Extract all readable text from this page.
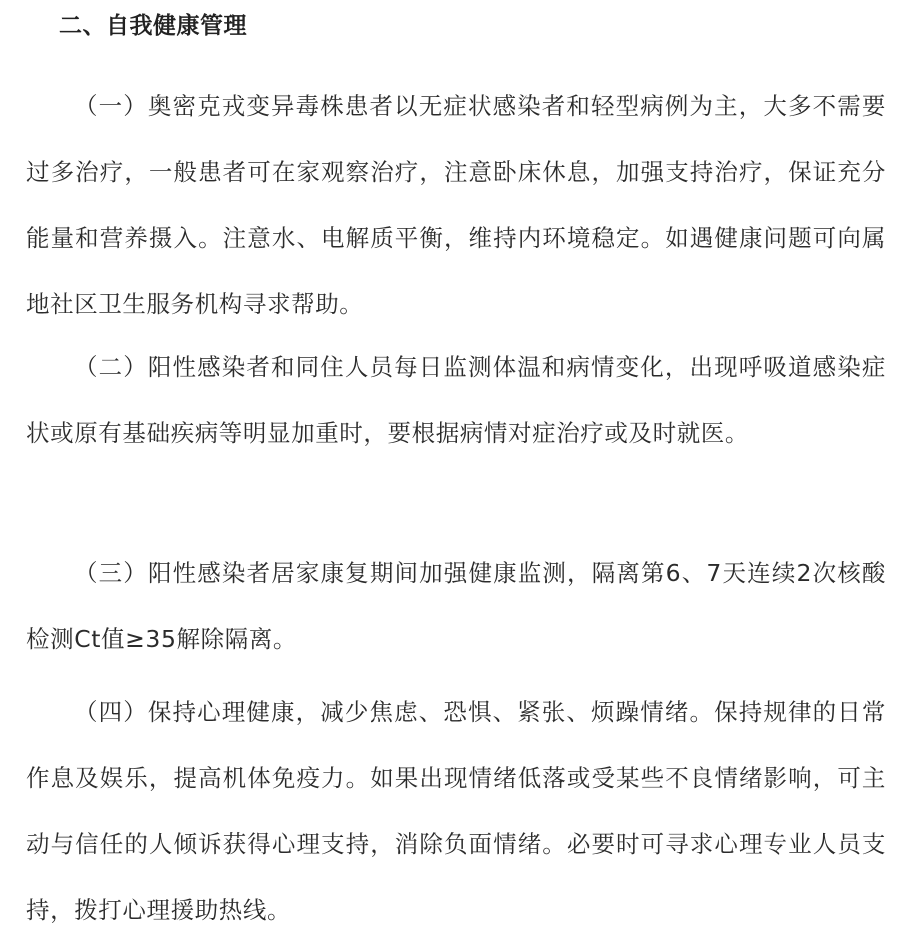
二、自我健康管理

（一）奥密克戎变异毒株患者以无症状感染者和轻型病例为主，大多不需要过多治疗，一般患者可在家观察治疗，注意卧床休息，加强支持治疗，保证充分能量和营养摄入。注意水、电解质平衡，维持内环境稳定。如遇健康问题可向属地社区卫生服务机构寻求帮助。

（二）阳性感染者和同住人员每日监测体温和病情变化，出现呼吸道感染症状或原有基础疾病等明显加重时，要根据病情对症治疗或及时就医。

（三）阳性感染者居家康复期间加强健康监测，隔离第6、7天连续2次核酸检测Ct值≥35解除隔离。

（四）保持心理健康，减少焦虑、恐惧、紧张、烦躁情绪。保持规律的日常作息及娱乐，提高机体免疫力。如果出现情绪低落或受某些不良情绪影响，可主动与信任的人倾诉获得心理支持，消除负面情绪。必要时可寻求心理专业人员支持，拨打心理援助热线。
